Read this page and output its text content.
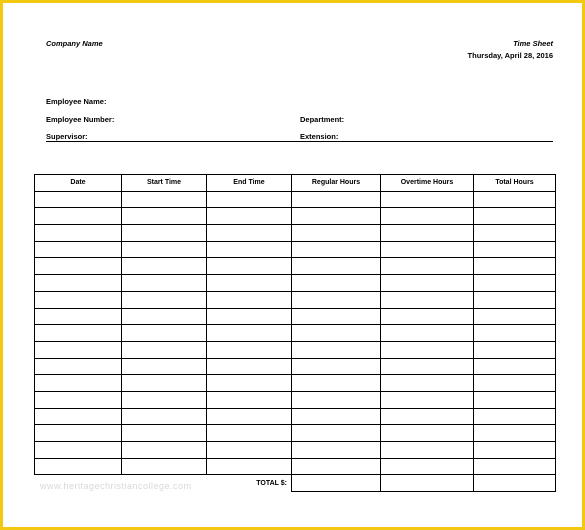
Company Name	Time Sheet
Thursday, April 28, 2016
Employee Name:
Employee Number:	Department:
Supervisor:	Extension:
Date	Start Time	End Time	Regular Hours	Overtime Hours	Total Hours

		TOTAL $:			
www.heritagechristiancollege.com
